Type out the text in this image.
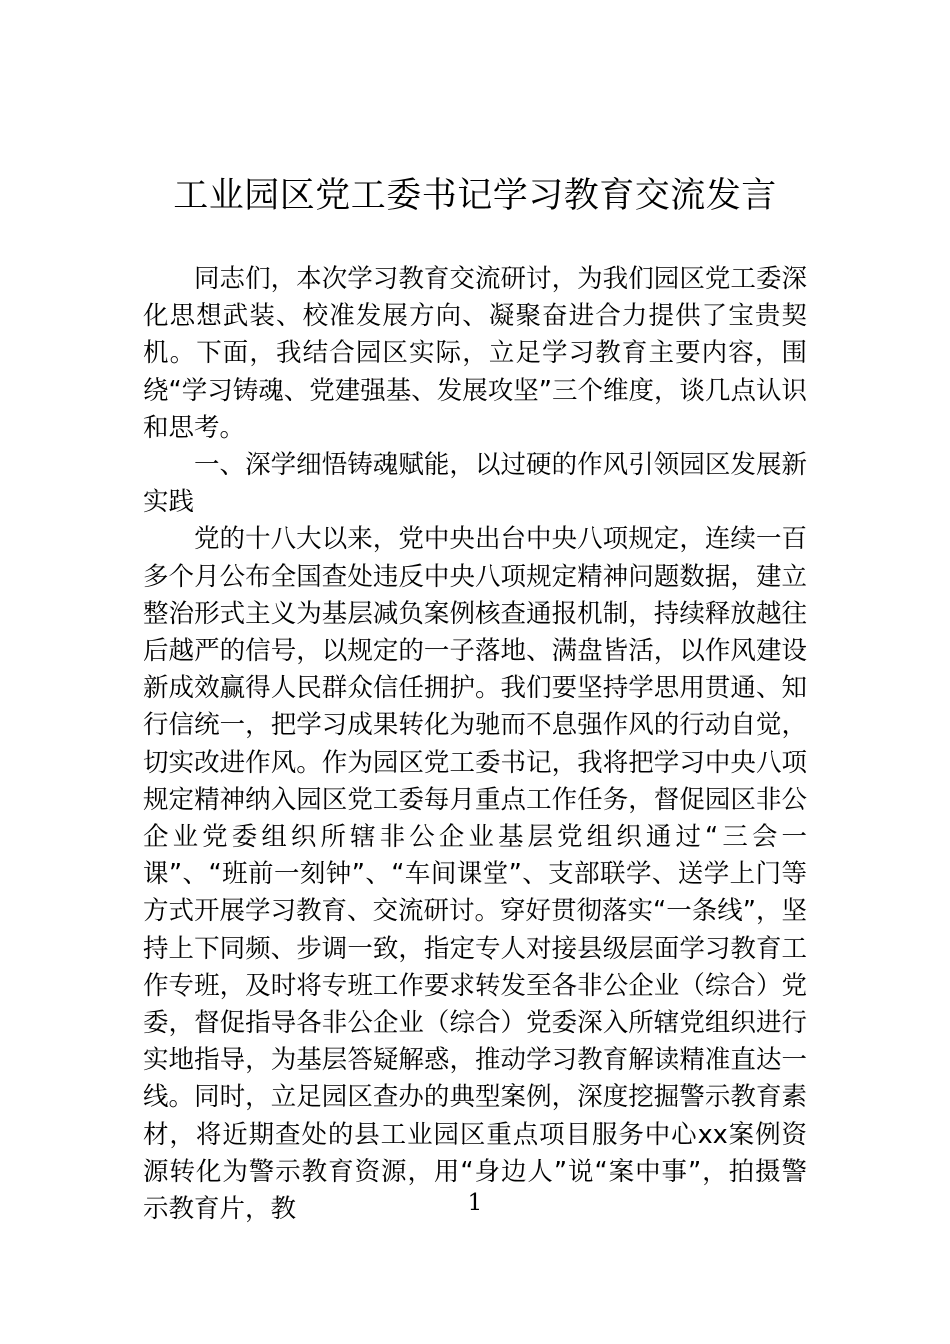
工业园区党工委书记学习教育交流发言

同志们，本次学习教育交流研讨，为我们园区党工委深化思想武装、校准发展方向、凝聚奋进合力提供了宝贵契机。下面，我结合园区实际，立足学习教育主要内容，围绕“学习铸魂、党建强基、发展攻坚”三个维度，谈几点认识和思考。

一、深学细悟铸魂赋能，以过硬的作风引领园区发展新实践

党的十八大以来，党中央出台中央八项规定，连续一百多个月公布全国查处违反中央八项规定精神问题数据，建立整治形式主义为基层减负案例核查通报机制，持续释放越往后越严的信号，以规定的一子落地、满盘皆活，以作风建设新成效赢得人民群众信任拥护。我们要坚持学思用贯通、知行信统一，把学习成果转化为驰而不息强作风的行动自觉，切实改进作风。作为园区党工委书记，我将把学习中央八项规定精神纳入园区党工委每月重点工作任务，督促园区非公企业党委组织所辖非公企业基层党组织通过“三会一课”、“班前一刻钟”、“车间课堂”、支部联学、送学上门等方式开展学习教育、交流研讨。穿好贯彻落实“一条线”，坚持上下同频、步调一致，指定专人对接县级层面学习教育工作专班，及时将专班工作要求转发至各非公企业（综合）党委，督促指导各非公企业（综合）党委深入所辖党组织进行实地指导，为基层答疑解惑，推动学习教育解读精准直达一线。同时，立足园区查办的典型案例，深度挖掘警示教育素材，将近期查处的县工业园区重点项目服务中心xx案例资源转化为警示教育资源，用“身边人”说“案中事”，拍摄警示教育片，教	1
